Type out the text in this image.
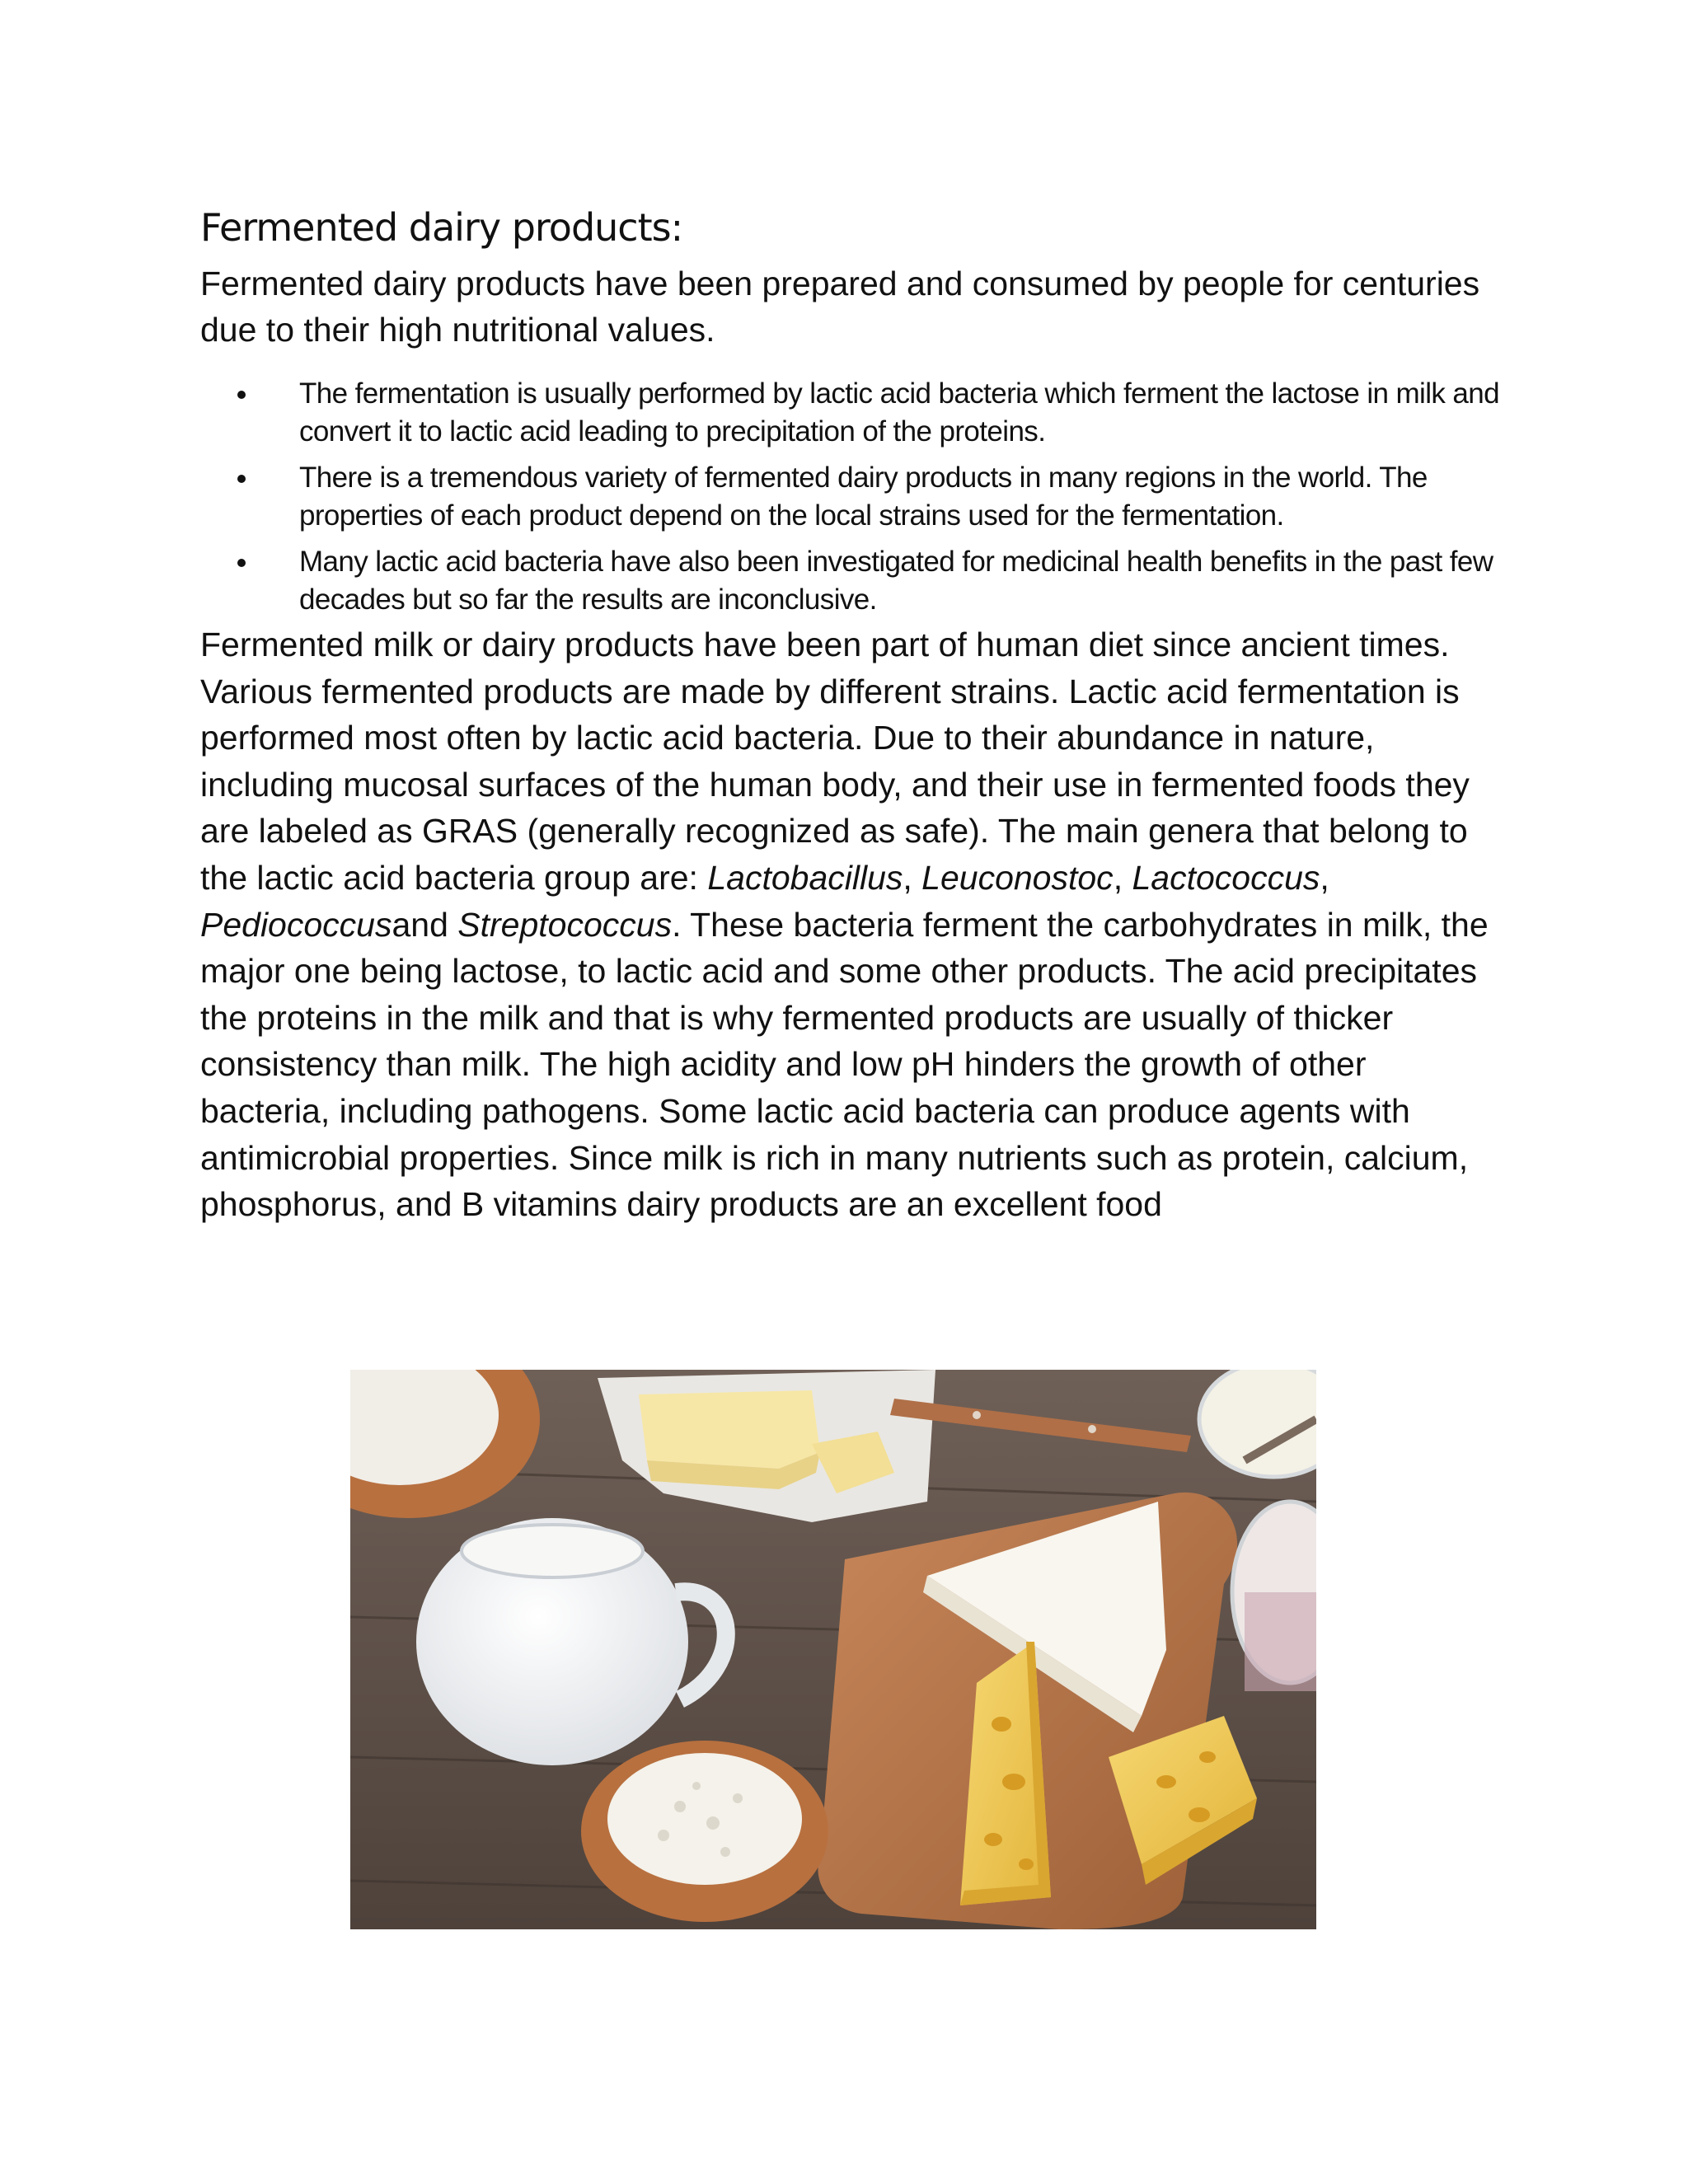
Fermented dairy products:

Fermented dairy products have been prepared and consumed by people for centuries due to their high nutritional values.

The fermentation is usually performed by lactic acid bacteria which ferment the lactose in milk and convert it to lactic acid leading to precipitation of the proteins.
There is a tremendous variety of fermented dairy products in many regions in the world. The properties of each product depend on the local strains used for the fermentation.
Many lactic acid bacteria have also been investigated for medicinal health benefits in the past few decades but so far the results are inconclusive.

Fermented milk or dairy products have been part of human diet since ancient times. Various fermented products are made by different strains. Lactic acid fermentation is performed most often by lactic acid bacteria. Due to their abundance in nature, including mucosal surfaces of the human body, and their use in fermented foods they are labeled as GRAS (generally recognized as safe). The main genera that belong to the lactic acid bacteria group are: Lactobacillus, Leuconostoc, Lactococcus, Pediococcusand Streptococcus. These bacteria ferment the carbohydrates in milk, the major one being lactose, to lactic acid and some other products. The acid precipitates the proteins in the milk and that is why fermented products are usually of thicker consistency than milk. The high acidity and low pH hinders the growth of other bacteria, including pathogens. Some lactic acid bacteria can produce agents with antimicrobial properties. Since milk is rich in many nutrients such as protein, calcium, phosphorus, and B vitamins dairy products are an excellent food
